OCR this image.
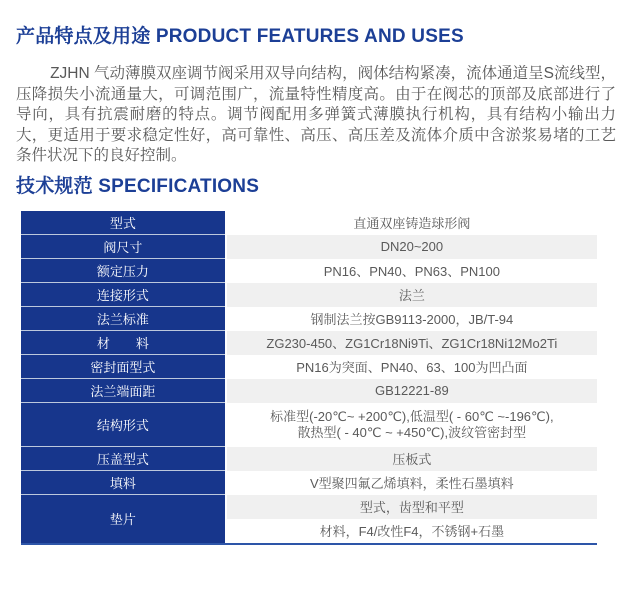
产品特点及用途 PRODUCT FEATURES AND USES

ZJHN 气动薄膜双座调节阀采用双导向结构，阀体结构紧凑，流体通道呈S流线型，压降损失小流通量大，可调范围广，流量特性精度高。由于在阀芯的顶部及底部进行了导向，具有抗震耐磨的特点。调节阀配用多弹簧式薄膜执行机构，具有结构小输出力大，更适用于要求稳定性好，高可靠性、高压、高压差及流体介质中含淤浆易堵的工艺条件状况下的良好控制。

技术规范 SPECIFICATIONS
型式	直通双座铸造球形阀
阀尺寸	DN20~200
额定压力	PN16、PN40、PN63、PN100
连接形式	法兰
法兰标准	钢制法兰按GB9113-2000，JB/T-94
材　　料	ZG230-450、ZG1Cr18Ni9Ti、ZG1Cr18Ni12Mo2Ti
密封面型式	PN16为突面、PN40、63、100为凹凸面
法兰端面距	GB12221-89
结构形式	标准型(-20℃~ +200℃),低温型( - 60℃ ~-196℃),
散热型( - 40℃ ~ +450℃),波纹管密封型

压盖型式	压板式
填料	V型聚四氟乙烯填料，柔性石墨填料
垫片	型式，齿型和平型
	材料，F4/改性F4，不锈钢+石墨
